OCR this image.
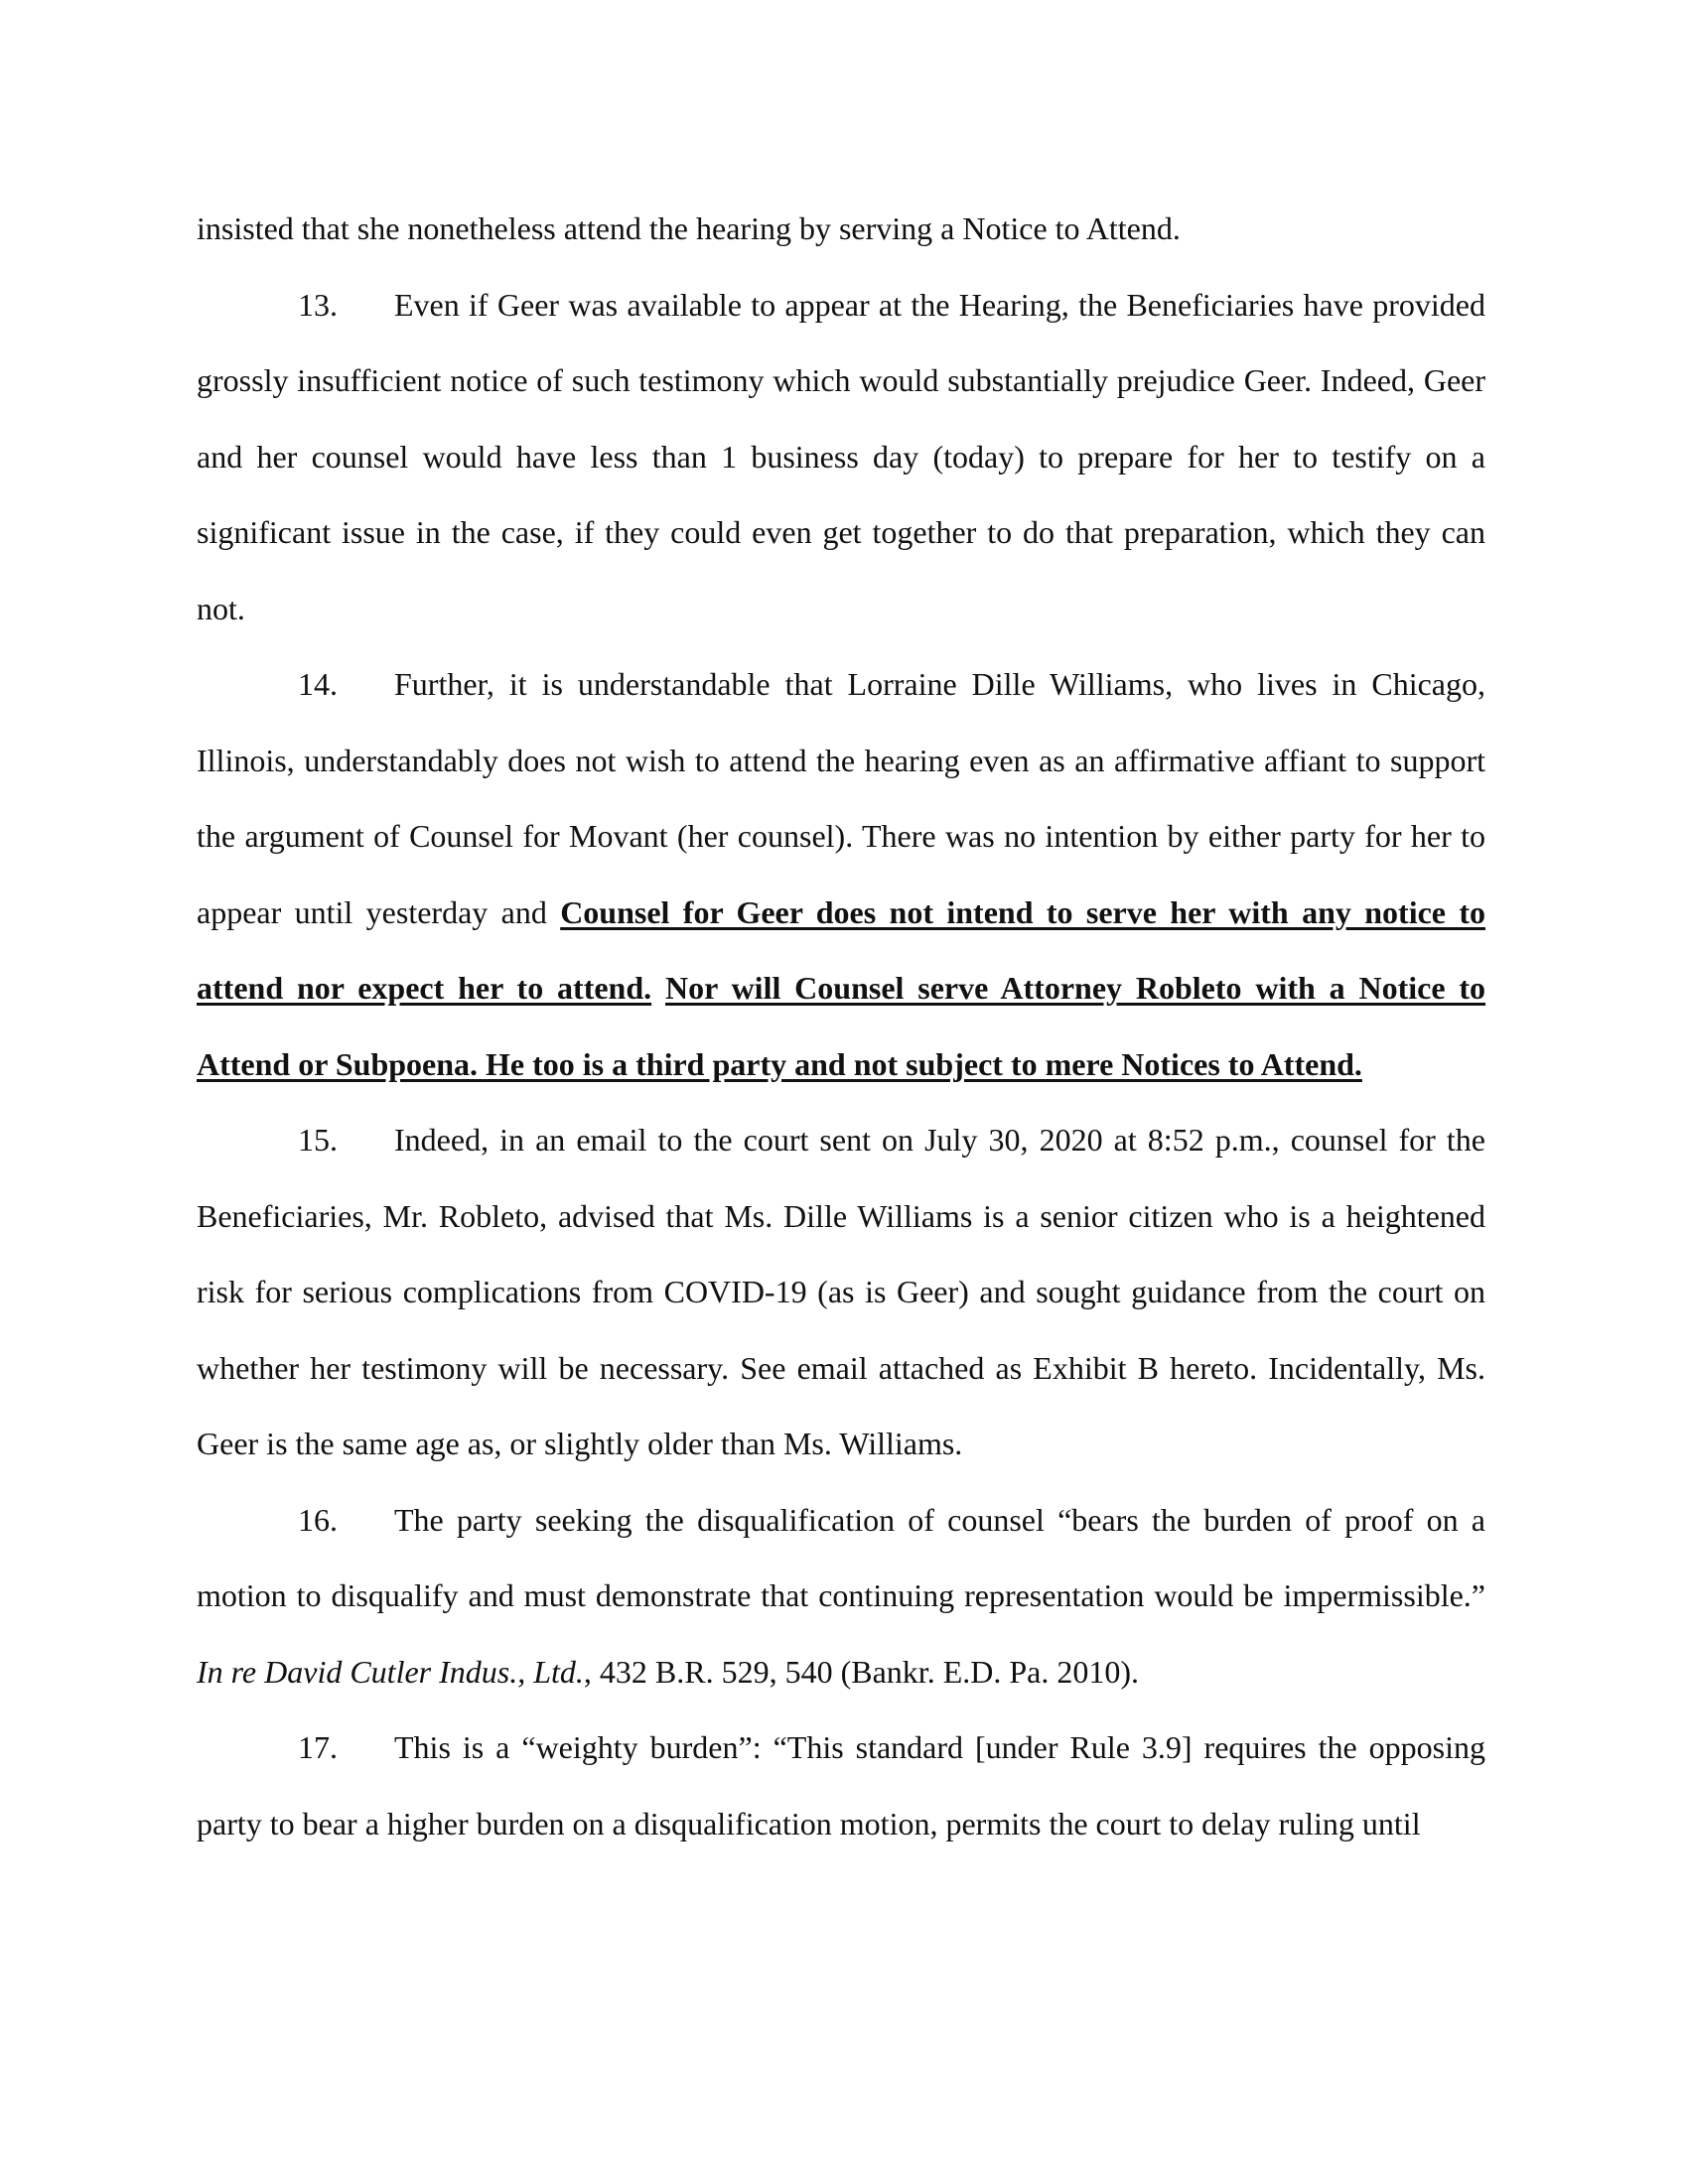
insisted that she nonetheless attend the hearing by serving a Notice to Attend.

13. Even if Geer was available to appear at the Hearing, the Beneficiaries have provided grossly insufficient notice of such testimony which would substantially prejudice Geer. Indeed, Geer and her counsel would have less than 1 business day (today) to prepare for her to testify on a significant issue in the case, if they could even get together to do that preparation, which they can not.

14. Further, it is understandable that Lorraine Dille Williams, who lives in Chicago, Illinois, understandably does not wish to attend the hearing even as an affirmative affiant to support the argument of Counsel for Movant (her counsel). There was no intention by either party for her to appear until yesterday and Counsel for Geer does not intend to serve her with any notice to attend nor expect her to attend. Nor will Counsel serve Attorney Robleto with a Notice to Attend or Subpoena. He too is a third party and not subject to mere Notices to Attend.

15. Indeed, in an email to the court sent on July 30, 2020 at 8:52 p.m., counsel for the Beneficiaries, Mr. Robleto, advised that Ms. Dille Williams is a senior citizen who is a heightened risk for serious complications from COVID-19 (as is Geer) and sought guidance from the court on whether her testimony will be necessary. See email attached as Exhibit B hereto. Incidentally, Ms. Geer is the same age as, or slightly older than Ms. Williams.

16. The party seeking the disqualification of counsel “bears the burden of proof on a motion to disqualify and must demonstrate that continuing representation would be impermissible.” In re David Cutler Indus., Ltd., 432 B.R. 529, 540 (Bankr. E.D. Pa. 2010).

17. This is a “weighty burden”: “This standard [under Rule 3.9] requires the opposing party to bear a higher burden on a disqualification motion, permits the court to delay ruling until
